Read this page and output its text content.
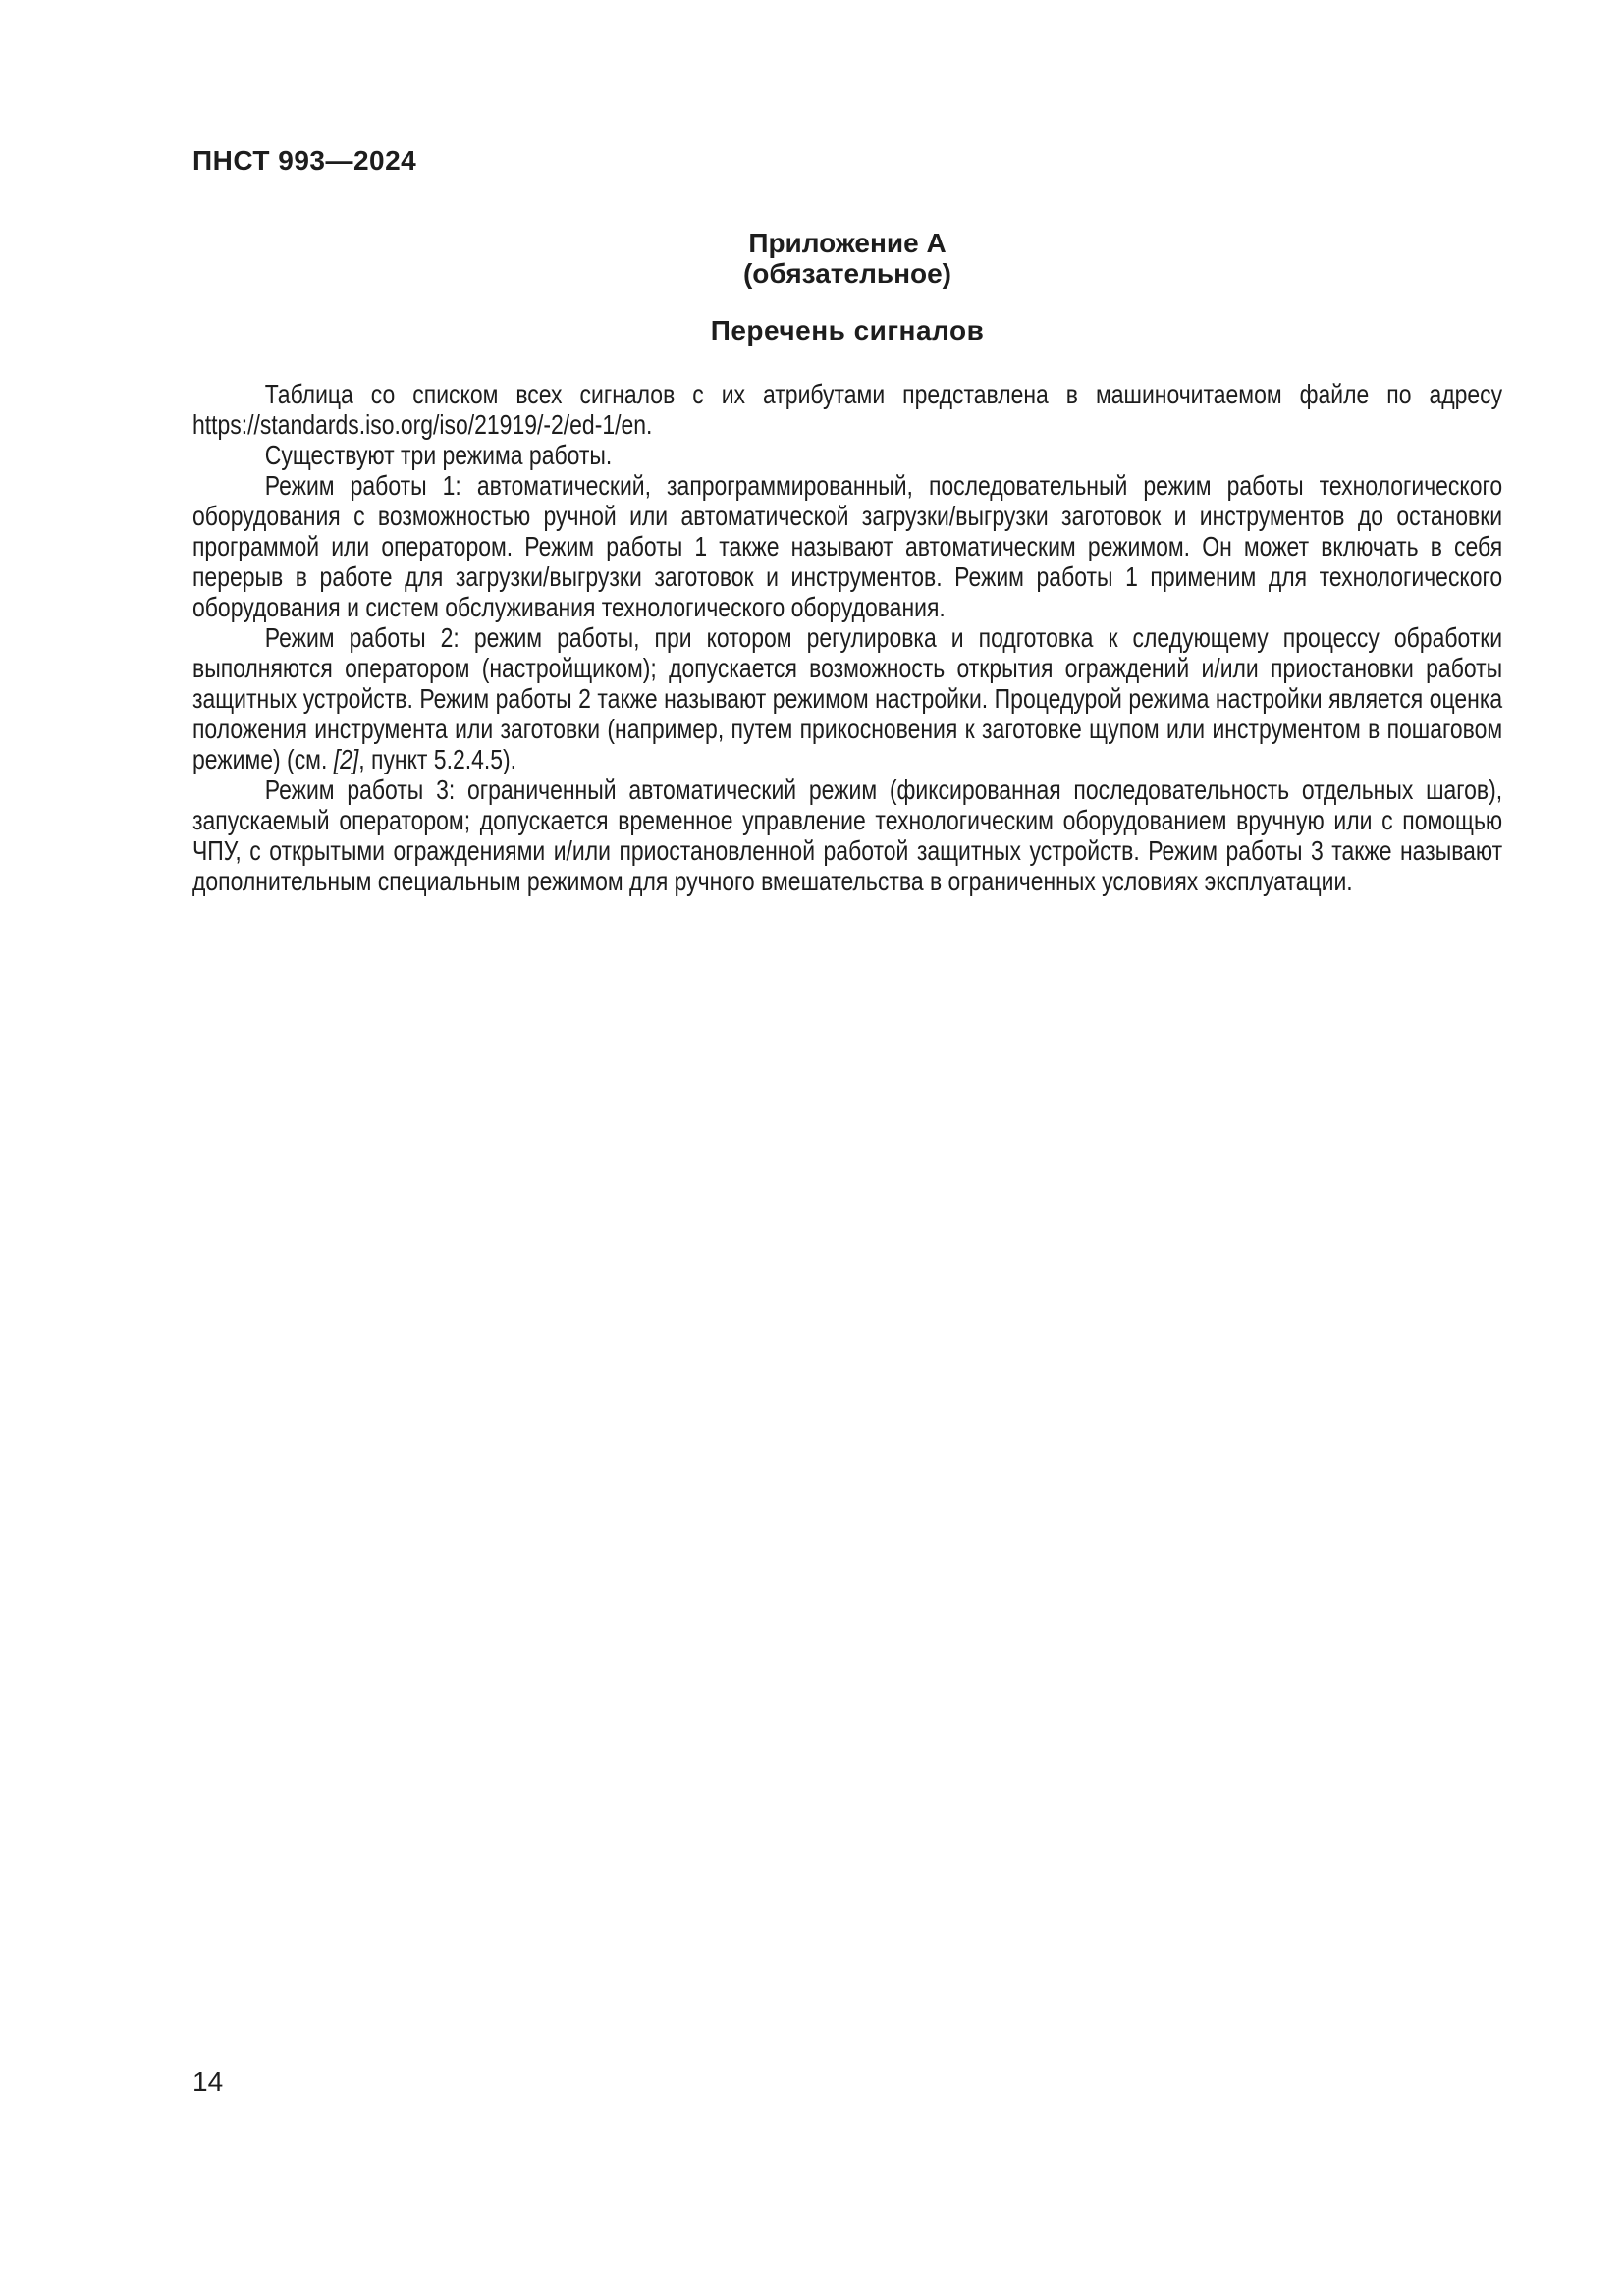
ПНСТ 993—2024
Приложение А
(обязательное)
Перечень сигналов

Таблица со списком всех сигналов с их атрибутами представлена в машиночитаемом файле по адресу https://standards.iso.org/iso/21919/-2/ed-1/en.

Существуют три режима работы.

Режим работы 1: автоматический, запрограммированный, последовательный режим работы технологического оборудования с возможностью ручной или автоматической загрузки/выгрузки заготовок и инструментов до остановки программой или оператором. Режим работы 1 также называют автоматическим режимом. Он может включать в себя перерыв в работе для загрузки/выгрузки заготовок и инструментов. Режим работы 1 применим для технологического оборудования и систем обслуживания технологического оборудования.

Режим работы 2: режим работы, при котором регулировка и подготовка к следующему процессу обработки выполняются оператором (настройщиком); допускается возможность открытия ограждений и/или приостановки работы защитных устройств. Режим работы 2 также называют режимом настройки. Процедурой режима настройки является оценка положения инструмента или заготовки (например, путем прикосновения к заготовке щупом или инструментом в пошаговом режиме) (см. [2], пункт 5.2.4.5).

Режим работы 3: ограниченный автоматический режим (фиксированная последовательность отдельных шагов), запускаемый оператором; допускается временное управление технологическим оборудованием вручную или с помощью ЧПУ, с открытыми ограждениями и/или приостановленной работой защитных устройств. Режим работы 3 также называют дополнительным специальным режимом для ручного вмешательства в ограниченных условиях эксплуатации.

14
